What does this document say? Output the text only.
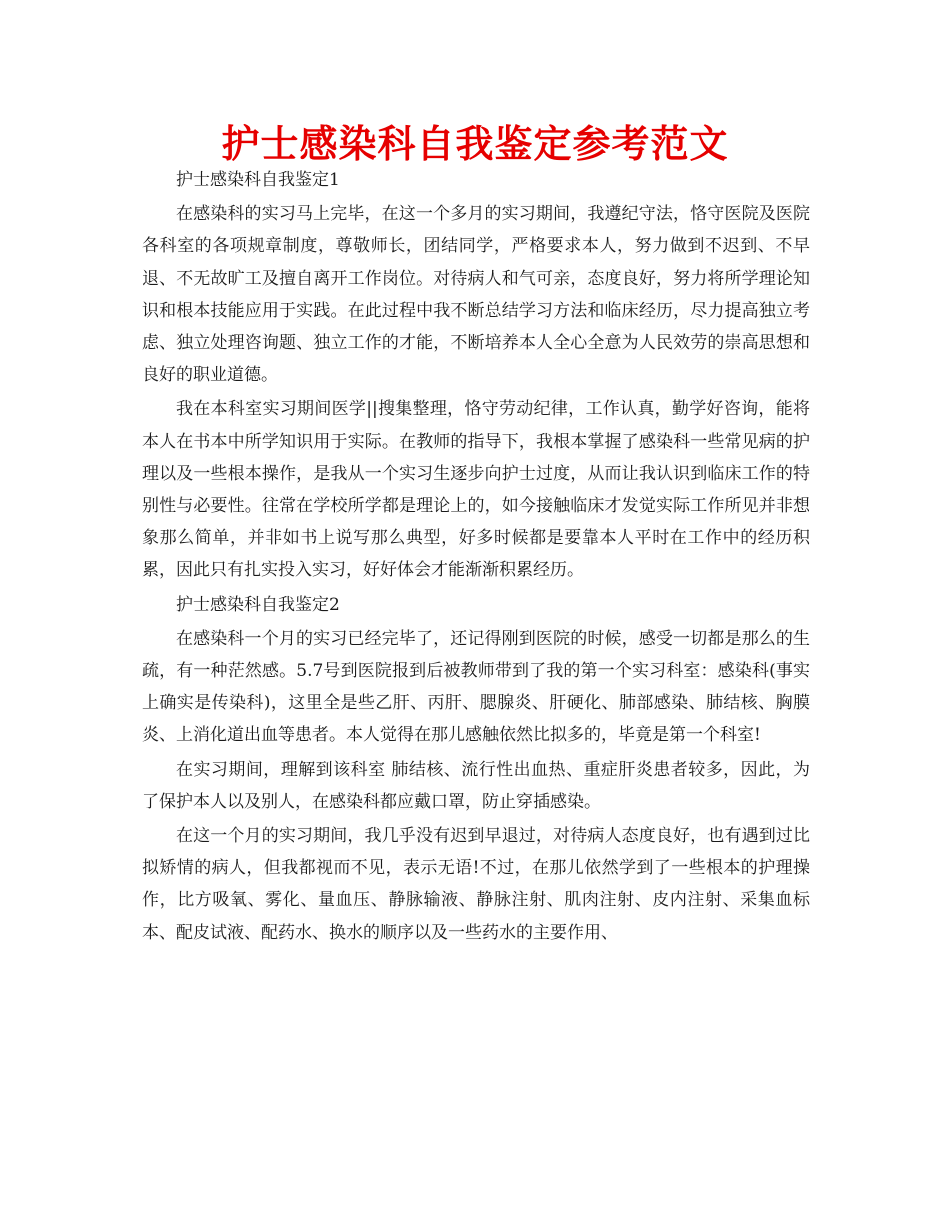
护士感染科自我鉴定参考范文

护士感染科自我鉴定1

在感染科的实习马上完毕，在这一个多月的实习期间，我遵纪守法，恪守医院及医院各科室的各项规章制度，尊敬师长，团结同学，严格要求本人，努力做到不迟到、不早退、不无故旷工及擅自离开工作岗位。对待病人和气可亲，态度良好，努力将所学理论知识和根本技能应用于实践。在此过程中我不断总结学习方法和临床经历，尽力提高独立考虑、独立处理咨询题、独立工作的才能，不断培养本人全心全意为人民效劳的崇高思想和良好的职业道德。

我在本科室实习期间医学||搜集整理，恪守劳动纪律，工作认真，勤学好咨询，能将本人在书本中所学知识用于实际。在教师的指导下，我根本掌握了感染科一些常见病的护理以及一些根本操作，是我从一个实习生逐步向护士过度，从而让我认识到临床工作的特别性与必要性。往常在学校所学都是理论上的，如今接触临床才发觉实际工作所见并非想象那么简单，并非如书上说写那么典型，好多时候都是要靠本人平时在工作中的经历积累，因此只有扎实投入实习，好好体会才能渐渐积累经历。

护士感染科自我鉴定2

在感染科一个月的实习已经完毕了，还记得刚到医院的时候，感受一切都是那么的生疏，有一种茫然感。5.7号到医院报到后被教师带到了我的第一个实习科室：感染科(事实上确实是传染科)，这里全是些乙肝、丙肝、腮腺炎、肝硬化、肺部感染、肺结核、胸膜炎、上消化道出血等患者。本人觉得在那儿感触依然比拟多的，毕竟是第一个科室!

在实习期间，理解到该科室 肺结核、流行性出血热、重症肝炎患者较多，因此，为了保护本人以及别人，在感染科都应戴口罩，防止穿插感染。

在这一个月的实习期间，我几乎没有迟到早退过，对待病人态度良好，也有遇到过比拟矫情的病人，但我都视而不见，表示无语!不过，在那儿依然学到了一些根本的护理操作，比方吸氧、雾化、量血压、静脉输液、静脉注射、肌肉注射、皮内注射、采集血标本、配皮试液、配药水、换水的顺序以及一些药水的主要作用、
